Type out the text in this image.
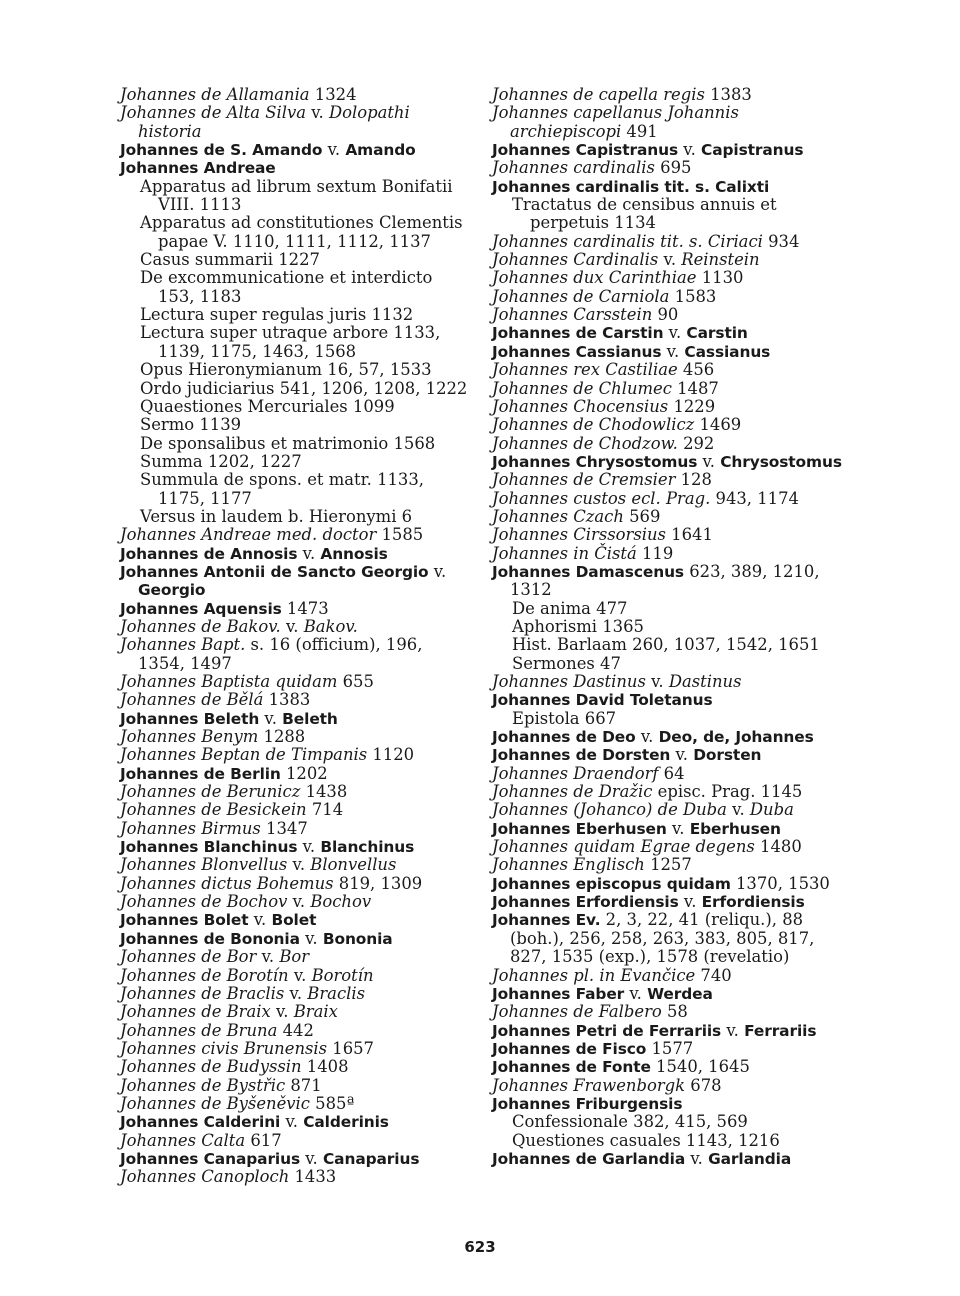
Johannes de Allamania 1324
Johannes de Alta Silva v. Dolopathi historia
Johannes de S. Amando v. Amando
Johannes Andreae
Apparatus ad librum sextum Bonifatii VIII. 1113
Apparatus ad constitutiones Clementis papae V. 1110, 1111, 1112, 1137
Casus summarii 1227
De excommunicatione et interdicto 153, 1183
Lectura super regulas juris 1132
Lectura super utraque arbore 1133, 1139, 1175, 1463, 1568
Opus Hieronymianum 16, 57, 1533
Ordo judiciarius 541, 1206, 1208, 1222
Quaestiones Mercuriales 1099
Sermo 1139
De sponsalibus et matrimonio 1568
Summa 1202, 1227
Summula de spons. et matr. 1133, 1175, 1177
Versus in laudem b. Hieronymi 6
Johannes Andreae med. doctor 1585
Johannes de Annosis v. Annosis
Johannes Antonii de Sancto Georgio v. Georgio
Johannes Aquensis 1473
Johannes de Bakov. v. Bakov.
Johannes Bapt. s. 16 (officium), 196, 1354, 1497
Johannes Baptista quidam 655
Johannes de Bělá 1383
Johannes Beleth v. Beleth
Johannes Benym 1288
Johannes Beptan de Timpanis 1120
Johannes de Berlin 1202
Johannes de Berunicz 1438
Johannes de Besickein 714
Johannes Birmus 1347
Johannes Blanchinus v. Blanchinus
Johannes Blonvellus v. Blonvellus
Johannes dictus Bohemus 819, 1309
Johannes de Bochov v. Bochov
Johannes Bolet v. Bolet
Johannes de Bononia v. Bononia
Johannes de Bor v. Bor
Johannes de Borotín v. Borotín
Johannes de Braclis v. Braclis
Johannes de Braix v. Braix
Johannes de Bruna 442
Johannes civis Brunensis 1657
Johannes de Budyssin 1408
Johannes de Bystřic 871
Johannes de Byšeněvic 585ª
Johannes Calderini v. Calderinis
Johannes Calta 617
Johannes Canaparius v. Canaparius
Johannes Canoploch 1433
Johannes de capella regis 1383
Johannes capellanus Johannis archiepiscopi 491
Johannes Capistranus v. Capistranus
Johannes cardinalis 695
Johannes cardinalis tit. s. Calixti
Tractatus de censibus annuis et perpetuis 1134
Johannes cardinalis tit. s. Ciriaci 934
Johannes Cardinalis v. Reinstein
Johannes dux Carinthiae 1130
Johannes de Carniola 1583
Johannes Carsstein 90
Johannes de Carstin v. Carstin
Johannes Cassianus v. Cassianus
Johannes rex Castiliae 456
Johannes de Chlumec 1487
Johannes Chocensius 1229
Johannes de Chodowlicz 1469
Johannes de Chodzow. 292
Johannes Chrysostomus v. Chrysostomus
Johannes de Cremsier 128
Johannes custos ecl. Prag. 943, 1174
Johannes Czach 569
Johannes Cirssorsius 1641
Johannes in Čistá 119
Johannes Damascenus 623, 389, 1210, 1312
De anima 477
Aphorismi 1365
Hist. Barlaam 260, 1037, 1542, 1651
Sermones 47
Johannes Dastinus v. Dastinus
Johannes David Toletanus
Epistola 667
Johannes de Deo v. Deo, de, Johannes
Johannes de Dorsten v. Dorsten
Johannes Draendorf 64
Johannes de Dražic episc. Prag. 1145
Johannes (Johanco) de Duba v. Duba
Johannes Eberhusen v. Eberhusen
Johannes quidam Egrae degens 1480
Johannes Englisch 1257
Johannes episcopus quidam 1370, 1530
Johannes Erfordiensis v. Erfordiensis
Johannes Ev. 2, 3, 22, 41 (reliqu.), 88 (boh.), 256, 258, 263, 383, 805, 817, 827, 1535 (exp.), 1578 (revelatio)
Johannes pl. in Evančice 740
Johannes Faber v. Werdea
Johannes de Falbero 58
Johannes Petri de Ferrariis v. Ferrariis
Johannes de Fisco 1577
Johannes de Fonte 1540, 1645
Johannes Frawenborgk 678
Johannes Friburgensis
Confessionale 382, 415, 569
Questiones casuales 1143, 1216
Johannes de Garlandia v. Garlandia
623
